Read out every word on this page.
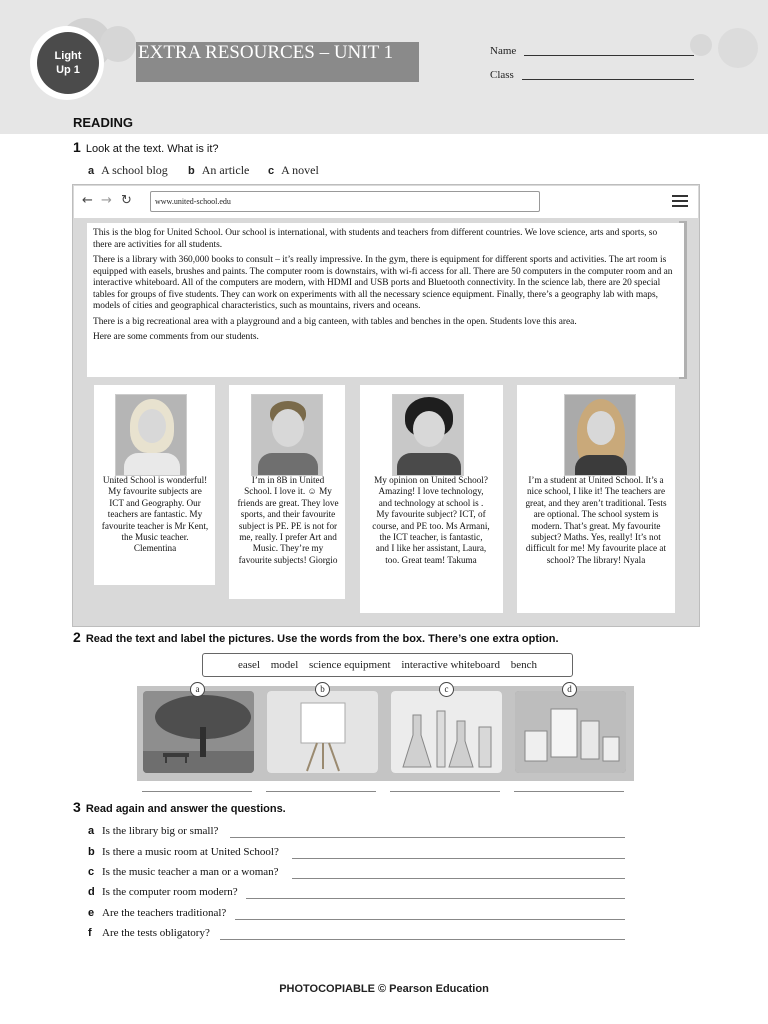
Light
Up 1
EXTRA RESOURCES – UNIT 1	Name
Class
READING
1 Look at the text. What is it?
a A school blog b An article c A novel
← → ↻	www.united-school.edu

This is the blog for United School. Our school is international, with students and teachers from different countries. We love science, arts and sports, so there are activities for all students.

There is a library with 360,000 books to consult – it’s really impressive. In the gym, there is equipment for different sports and activities. The art room is equipped with easels, brushes and paints. The computer room is downstairs, with wi-fi access for all. There are 50 computers in the computer room and an interactive whiteboard. All of the computers are modern, with HDMI and USB ports and Bluetooth connectivity. In the science lab, there are 20 special tables for groups of five students. They can work on experiments with all the necessary science equipment. Finally, there’s a geography lab with maps, models of cities and geographical characteristics, such as mountains, rivers and oceans.

There is a big recreational area with a playground and a big canteen, with tables and benches in the open. Students love this area.

Here are some comments from our students.

United School is wonderful! My favourite subjects are ICT and Geography. Our teachers are fantastic. My favourite teacher is Mr Kent, the Music teacher. Clementina
I’m in 8B in United School. I love it. ☺ My friends are great. They love sports, and their favourite subject is PE. PE is not for me, really. I prefer Art and Music. They’re my favourite subjects! Giorgio
My opinion on United School? Amazing! I love technology, and technology at school is . My favourite subject? ICT, of course, and PE too. Ms Armani, the ICT teacher, is fantastic, and I like her assistant, Laura, too. Great team! Takuma
I’m a student at United School. It’s a nice school, I like it! The teachers are great, and they aren’t traditional. Tests are optional. The school system is modern. That’s great. My favourite subject? Maths. Yes, really! It’s not difficult for me! My favourite place at school? The library! Nyala
2 Read the text and label the pictures. Use the words from the box. There’s one extra option.
easel model science equipment interactive whiteboard bench
a	b	c	d
3 Read again and answer the questions.
a Is the library big or small?
b Is there a music room at United School?
c Is the music teacher a man or a woman?
d Is the computer room modern?
e Are the teachers traditional?
f Are the tests obligatory?
PHOTOCOPIABLE © Pearson Education
